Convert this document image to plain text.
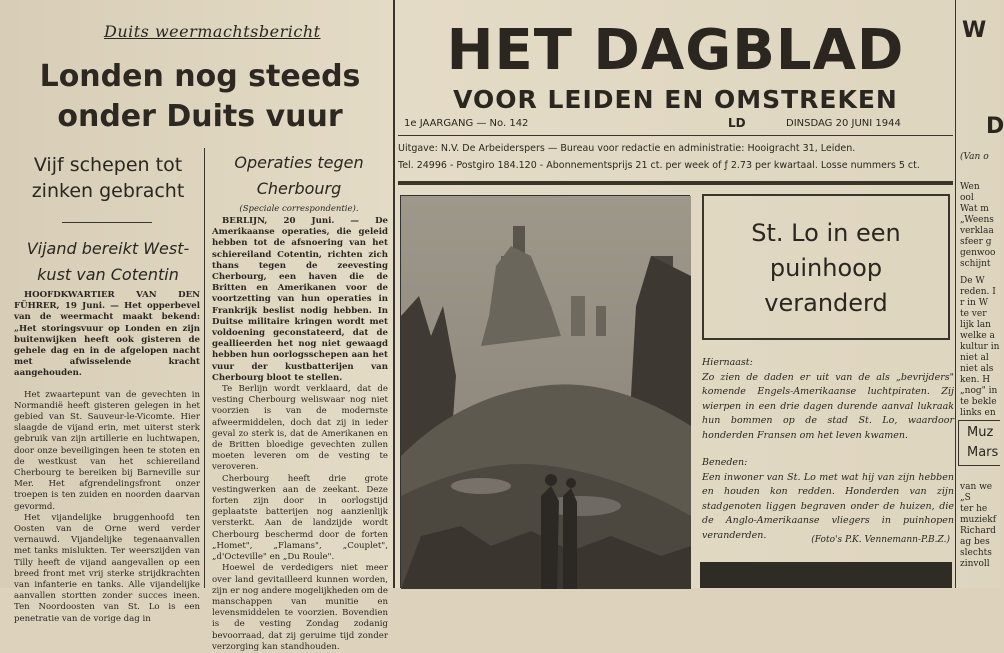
Duits weermachtsbericht
Londen nog steeds
onder Duits vuur
Vijf schepen tot
zinken gebracht
Vijand bereikt West-
kust van Cotentin

HOOFDKWARTIER VAN DEN FÜHRER, 19 Juni. — Het opperbevel van de weermacht maakt bekend: „Het storingsvuur op Londen en zijn buitenwijken heeft ook gisteren de gehele dag en in de afgelopen nacht met afwisselende kracht aangehouden.

Het zwaartepunt van de gevechten in Normandië heeft gisteren gelegen in het gebied van St. Sauveur-le-Vicomte. Hier slaagde de vijand erin, met uiterst sterk gebruik van zijn artillerie en luchtwapen, door onze beveiligingen heen te stoten en de westkust van het schiereiland Cherbourg te bereiken bij Barneville sur Mer. Het afgrendelingsfront onzer troepen is ten zuiden en noorden daarvan gevormd.

Het vijandelijke bruggenhoofd ten Oosten van de Orne werd verder vernauwd. Vijandelijke tegenaanvallen met tanks mislukten. Ter weerszijden van Tilly heeft de vijand aangevallen op een breed front met vrij sterke strijdkrachten van infanterie en tanks. Alle vijandelijke aanvallen stortten zonder succes ineen. Ten Noordoosten van St. Lo is een penetratie van de vorige dag in

Operaties tegen
Cherbourg
(Speciale correspondentie).

BERLIJN, 20 Juni. — De Amerikaanse operaties, die geleid hebben tot de afsnoering van het schiereiland Cotentin, richten zich thans tegen de zeevesting Cherbourg, een haven die de Britten en Amerikanen voor de voortzetting van hun operaties in Frankrijk beslist nodig hebben. In Duitse militaire kringen wordt met voldoening geconstateerd, dat de geallieerden het nog niet gewaagd hebben hun oorlogsschepen aan het vuur der kustbatterijen van Cherbourg bloot te stellen.

Te Berlijn wordt verklaard, dat de vesting Cherbourg weliswaar nog niet voorzien is van de modernste afweermiddelen, doch dat zij in ieder geval zo sterk is, dat de Amerikanen en de Britten bloedige gevechten zullen moeten leveren om de vesting te veroveren.

Cherbourg heeft drie grote vestingwerken aan de zeekant. Deze forten zijn door in oorlogstijd geplaatste batterijen nog aanzienlijk versterkt. Aan de landzijde wordt Cherbourg beschermd door de forten „Homet", „Flamans", „Couplet", „d'Octeville" en „Du Roule".

Hoewel de verdedigers niet meer over land gevitailleerd kunnen worden, zijn er nog andere mogelijkheden om de manschappen van munitie en levensmiddelen te voorzien. Bovendien is de vesting Zondag zodanig bevoorraad, dat zij geruime tijd zonder verzorging kan standhouden.

HET DAGBLAD
VOOR LEIDEN EN OMSTREKEN
1e JAARGANG — No. 142	LD	DINSDAG 20 JUNI 1944
Uitgave: N.V. De Arbeiderspers — Bureau voor redactie en administratie: Hooigracht 31, Leiden.
Tel. 24996 - Postgiro 184.120 - Abonnementsprijs 21 ct. per week of ƒ 2.73 per kwartaal. Losse nummers 5 ct.
St. Lo in een
puinhoop
veranderd
Hiernaast:
Zo zien de daden er uit van de als „bevrijders" komende Engels-Amerikaanse luchtpiraten. Zij wierpen in een drie dagen durende aanval lukraak hun bommen op de stad St. Lo, waardoor honderden Fransen om het leven kwamen.
Beneden:
Een inwoner van St. Lo met wat hij van zijn hebben en houden kon redden. Honderden van zijn stadgenoten liggen begraven onder de huizen, die de Anglo-Amerikaanse vliegers in puinhopen veranderden.	(Foto's P.K. Vennemann-P.B.Z.)
W
D
(Van o
Wen
ool
Wat m
„Weens
verklaa
sfeer g
genwoo
schijnt
De W
reden. I
r in W
te ver
lijk lan
welke a
kultur in
niet al
niet als
ken. H
„nog" in
te bekle
links en
Muz
Mars
van we
„S
ter he
muziekf
Richard
ag bes
slechts
zinvoll
